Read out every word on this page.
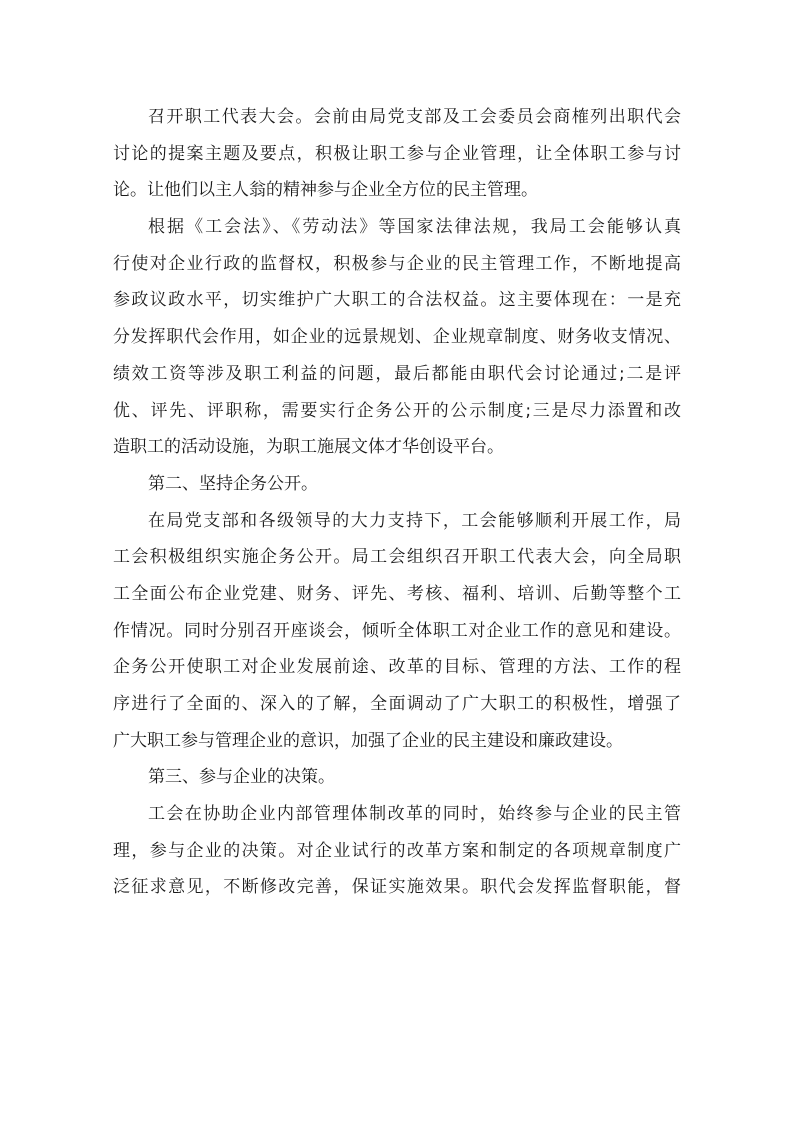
召开职工代表大会。会前由局党支部及工会委员会商榷列出职代会
讨论的提案主题及要点，积极让职工参与企业管理，让全体职工参与讨
论。让他们以主人翁的精神参与企业全方位的民主管理。
根据《工会法》、《劳动法》等国家法律法规，我局工会能够认真
行使对企业行政的监督权，积极参与企业的民主管理工作，不断地提高
参政议政水平，切实维护广大职工的合法权益。这主要体现在：一是充
分发挥职代会作用，如企业的远景规划、企业规章制度、财务收支情况、
绩效工资等涉及职工利益的问题，最后都能由职代会讨论通过;二是评
优、评先、评职称，需要实行企务公开的公示制度;三是尽力添置和改
造职工的活动设施，为职工施展文体才华创设平台。
第二、坚持企务公开。
在局党支部和各级领导的大力支持下，工会能够顺利开展工作，局
工会积极组织实施企务公开。局工会组织召开职工代表大会，向全局职
工全面公布企业党建、财务、评先、考核、福利、培训、后勤等整个工
作情况。同时分别召开座谈会，倾听全体职工对企业工作的意见和建设。
企务公开使职工对企业发展前途、改革的目标、管理的方法、工作的程
序进行了全面的、深入的了解，全面调动了广大职工的积极性，增强了
广大职工参与管理企业的意识，加强了企业的民主建设和廉政建设。
第三、参与企业的决策。
工会在协助企业内部管理体制改革的同时，始终参与企业的民主管
理，参与企业的决策。对企业试行的改革方案和制定的各项规章制度广
泛征求意见，不断修改完善，保证实施效果。职代会发挥监督职能，督
